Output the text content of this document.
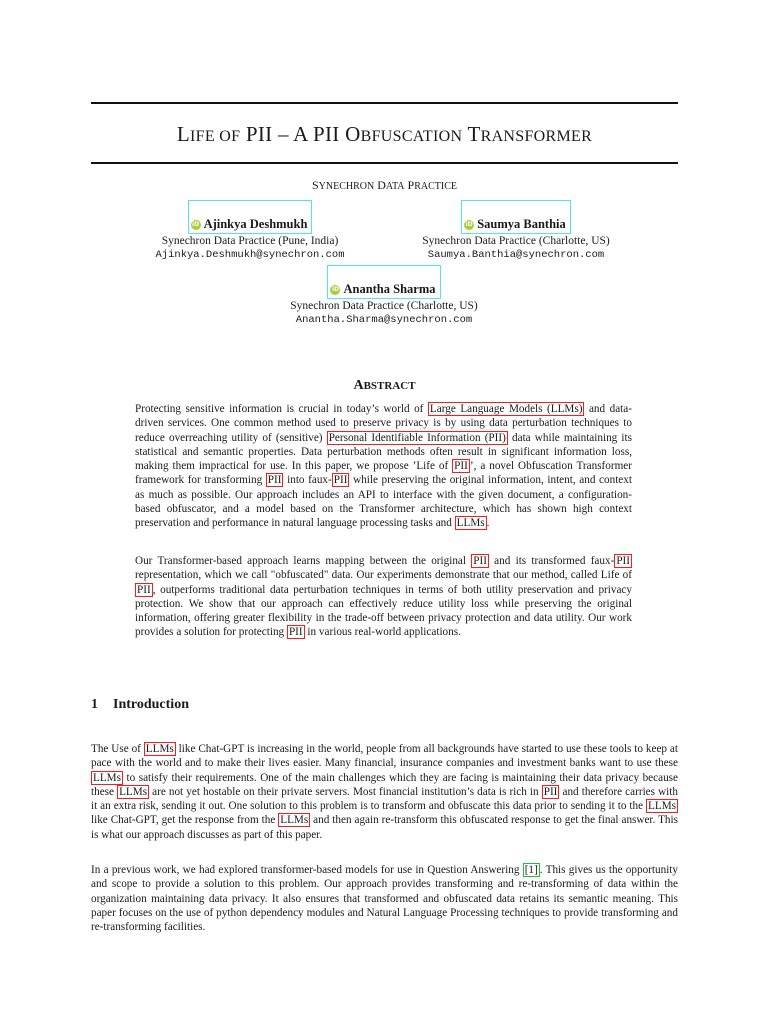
LIFE OF PII – A PII OBFUSCATION TRANSFORMER
SYNECHRON DATA PRACTICE
iD Ajinkya Deshmukh
Synechron Data Practice (Pune, India)
Ajinkya.Deshmukh@synechron.com
iD Saumya Banthia
Synechron Data Practice (Charlotte, US)
Saumya.Banthia@synechron.com
iD Anantha Sharma
Synechron Data Practice (Charlotte, US)
Anantha.Sharma@synechron.com
ABSTRACT

Protecting sensitive information is crucial in today’s world of Large Language Models (LLMs) and data-driven services. One common method used to preserve privacy is by using data perturbation techniques to reduce overreaching utility of (sensitive) Personal Identifiable Information (PII) data while maintaining its statistical and semantic properties. Data perturbation methods often result in significant information loss, making them impractical for use. In this paper, we propose ’Life of PII ’, a novel Obfuscation Transformer framework for transforming PII into faux- PII while preserving the original information, intent, and context as much as possible. Our approach includes an API to interface with the given document, a configuration-based obfuscator, and a model based on the Transformer architecture, which has shown high context preservation and performance in natural language processing tasks and LLMs .

Our Transformer-based approach learns mapping between the original PII and its transformed faux- PII representation, which we call "obfuscated" data. Our experiments demonstrate that our method, called Life of PII , outperforms traditional data perturbation techniques in terms of both utility preservation and privacy protection. We show that our approach can effectively reduce utility loss while preserving the original information, offering greater flexibility in the trade-off between privacy protection and data utility. Our work provides a solution for protecting PII in various real-world applications.

1 Introduction

The Use of LLMs like Chat-GPT is increasing in the world, people from all backgrounds have started to use these tools to keep at pace with the world and to make their lives easier. Many financial, insurance companies and investment banks want to use these LLMs to satisfy their requirements. One of the main challenges which they are facing is maintaining their data privacy because these LLMs are not yet hostable on their private servers. Most financial institution’s data is rich in PII and therefore carries with it an extra risk, sending it out. One solution to this problem is to transform and obfuscate this data prior to sending it to the LLMs like Chat-GPT, get the response from the LLMs and then again re-transform this obfuscated response to get the final answer. This is what our approach discusses as part of this paper.

In a previous work, we had explored transformer-based models for use in Question Answering [1] . This gives us the opportunity and scope to provide a solution to this problem. Our approach provides transforming and re-transforming of data within the organization maintaining data privacy. It also ensures that transformed and obfuscated data retains its semantic meaning. This paper focuses on the use of python dependency modules and Natural Language Processing techniques to provide transforming and re-transforming facilities.
